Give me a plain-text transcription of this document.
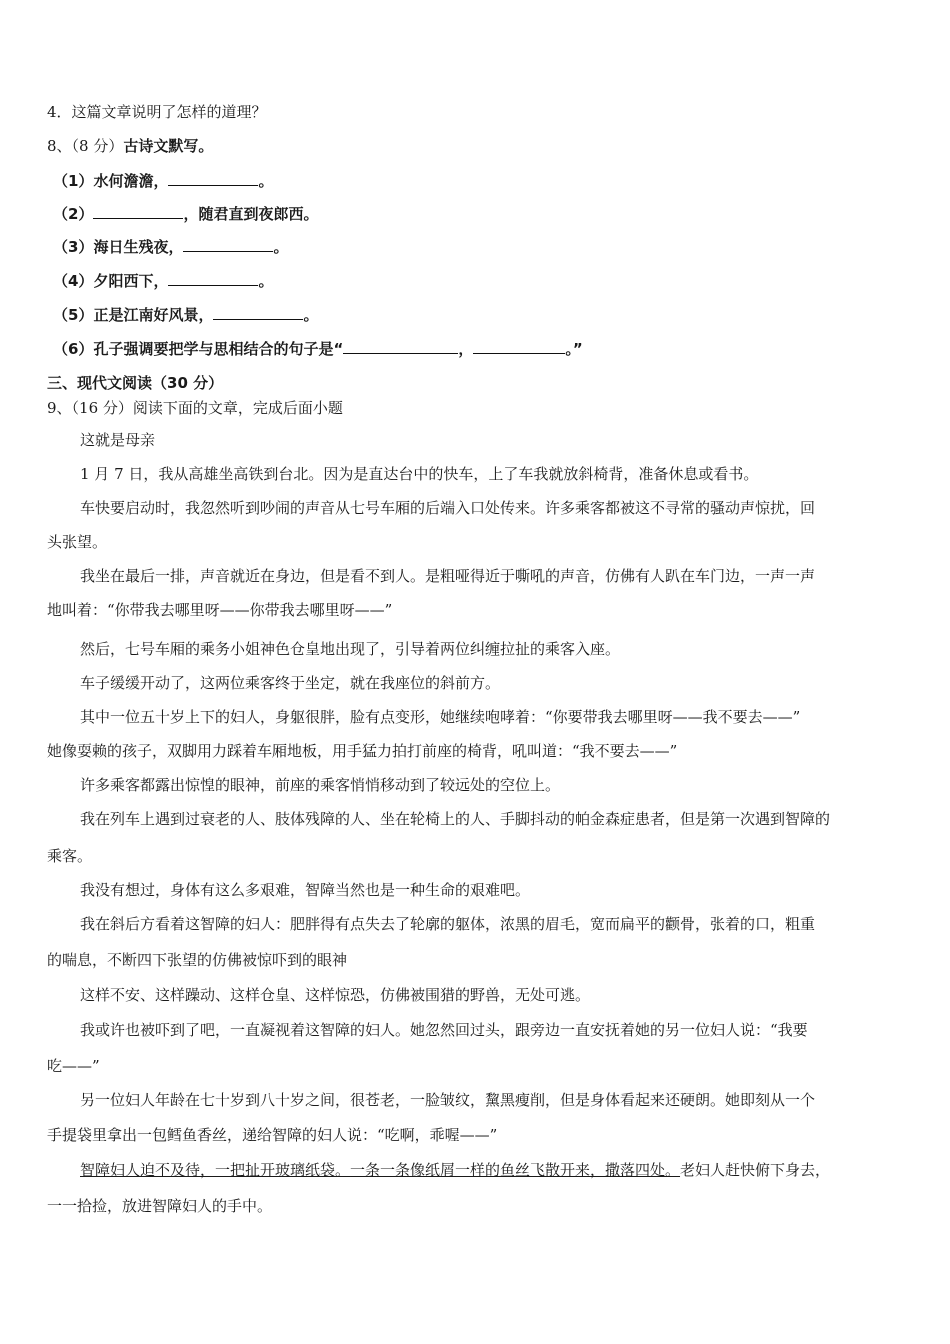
4．这篇文章说明了怎样的道理？
8、（8 分）古诗文默写。
（1）水何澹澹，	。
（2）	，随君直到夜郎西。
（3）海日生残夜，	。
（4）夕阳西下，	。
（5）正是江南好风景，	。
（6）孔子强调要把学与思相结合的句子是“	，	。”
三、现代文阅读（30 分）
9、（16 分）阅读下面的文章，完成后面小题
这就是母亲
1 月 7 日，我从高雄坐高铁到台北。因为是直达台中的快车，上了车我就放斜椅背，准备休息或看书。
车快要启动时，我忽然听到吵闹的声音从七号车厢的后端入口处传来。许多乘客都被这不寻常的骚动声惊扰，回
头张望。
我坐在最后一排，声音就近在身边，但是看不到人。是粗哑得近于嘶吼的声音，仿佛有人趴在车门边，一声一声
地叫着：“你带我去哪里呀——你带我去哪里呀——”
然后，七号车厢的乘务小姐神色仓皇地出现了，引导着两位纠缠拉扯的乘客入座。
车子缓缓开动了，这两位乘客终于坐定，就在我座位的斜前方。
其中一位五十岁上下的妇人，身躯很胖，脸有点变形，她继续咆哮着：“你要带我去哪里呀——我不要去——”
她像耍赖的孩子，双脚用力踩着车厢地板，用手猛力拍打前座的椅背，吼叫道：“我不要去——”
许多乘客都露出惊惶的眼神，前座的乘客悄悄移动到了较远处的空位上。
我在列车上遇到过衰老的人、肢体残障的人、坐在轮椅上的人、手脚抖动的帕金森症患者，但是第一次遇到智障的
乘客。
我没有想过，身体有这么多艰难，智障当然也是一种生命的艰难吧。
我在斜后方看着这智障的妇人：肥胖得有点失去了轮廓的躯体，浓黑的眉毛，宽而扁平的颧骨，张着的口，粗重
的喘息，不断四下张望的仿佛被惊吓到的眼神
这样不安、这样躁动、这样仓皇、这样惊恐，仿佛被围猎的野兽，无处可逃。
我或许也被吓到了吧，一直凝视着这智障的妇人。她忽然回过头，跟旁边一直安抚着她的另一位妇人说：“我要
吃——”
另一位妇人年龄在七十岁到八十岁之间，很苍老，一脸皱纹，黧黑瘦削，但是身体看起来还硬朗。她即刻从一个
手提袋里拿出一包鳕鱼香丝，递给智障的妇人说：“吃啊，乖喔——”
智障妇人迫不及待，一把扯开玻璃纸袋。一条一条像纸屑一样的鱼丝飞散开来，撒落四处。老妇人赶快俯下身去，
一一拾捡，放进智障妇人的手中。
